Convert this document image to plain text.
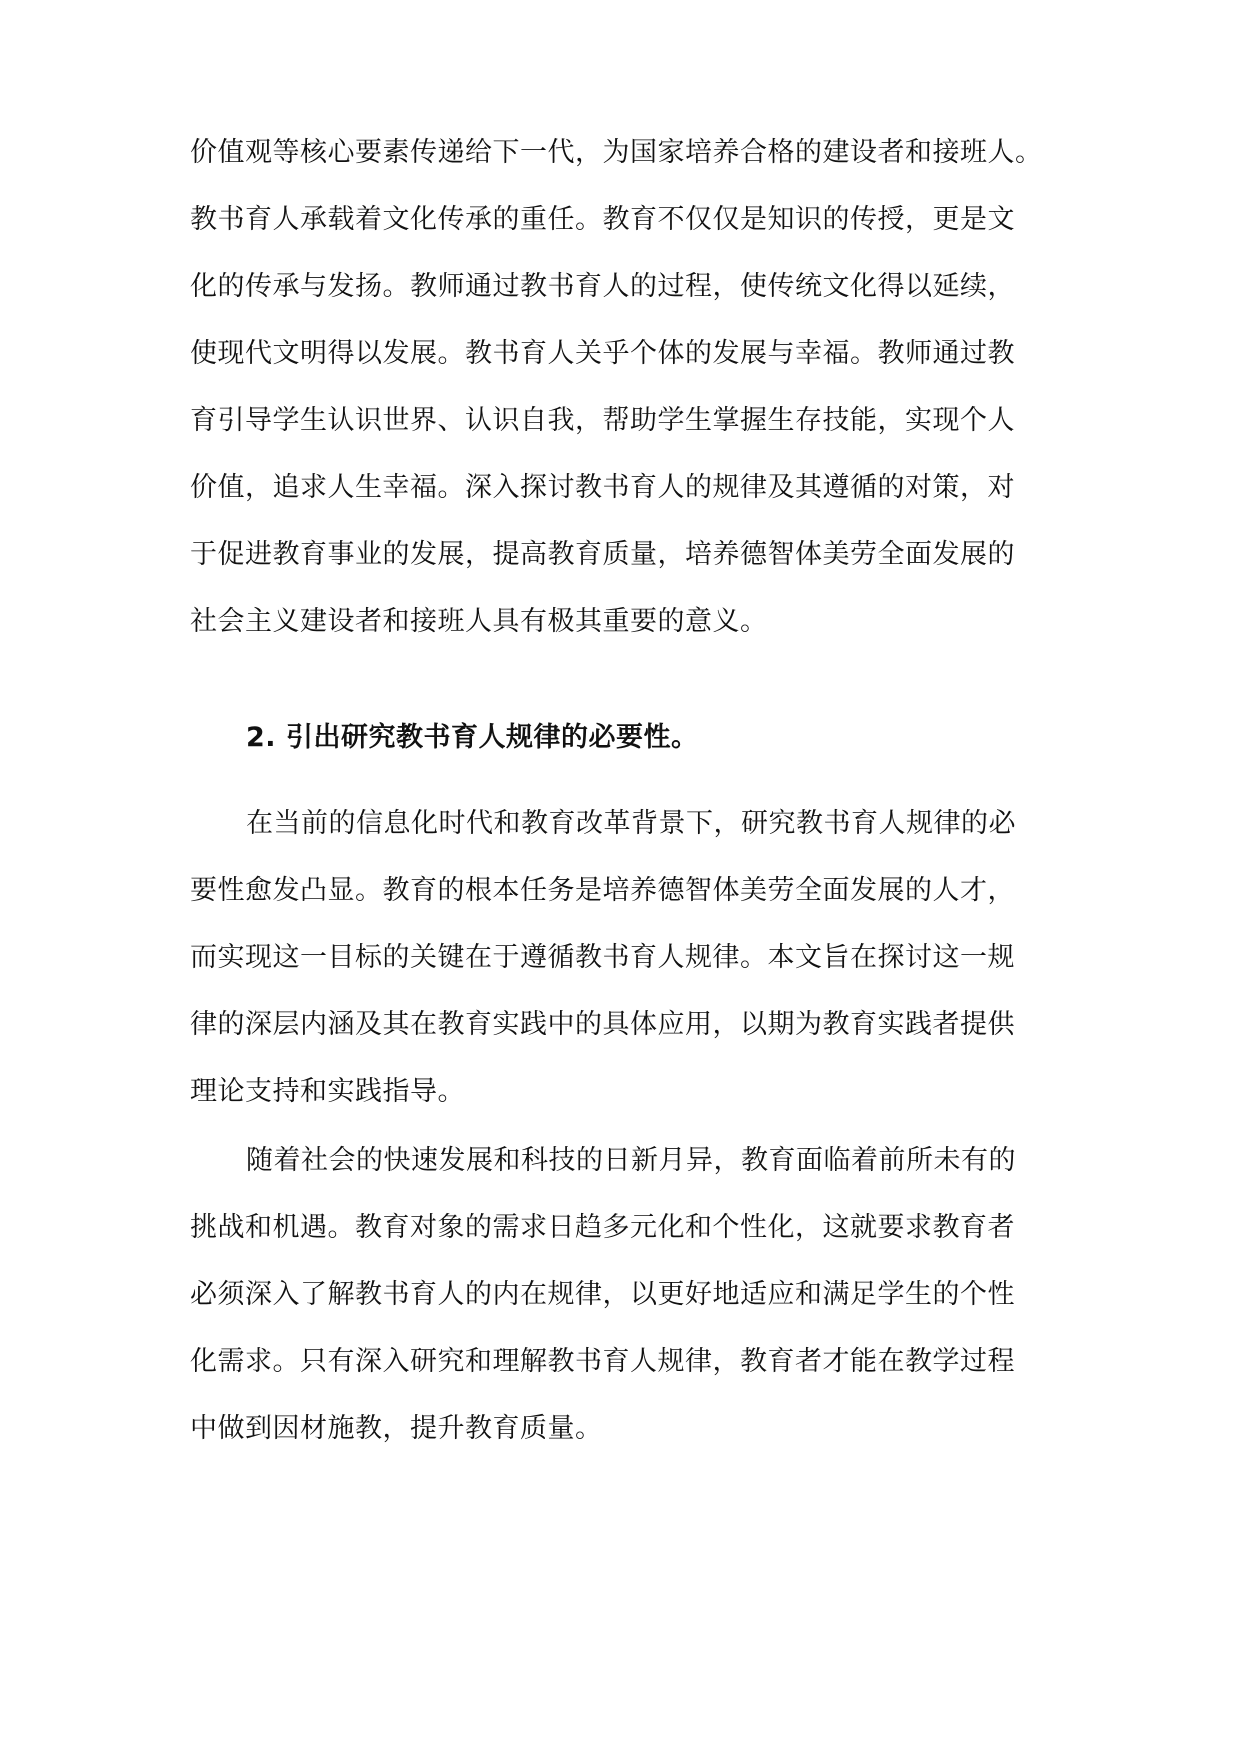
价值观等核心要素传递给下一代，为国家培养合格的建设者和接班人。
教书育人承载着文化传承的重任。教育不仅仅是知识的传授，更是文
化的传承与发扬。教师通过教书育人的过程，使传统文化得以延续，
使现代文明得以发展。教书育人关乎个体的发展与幸福。教师通过教
育引导学生认识世界、认识自我，帮助学生掌握生存技能，实现个人
价值，追求人生幸福。深入探讨教书育人的规律及其遵循的对策，对
于促进教育事业的发展，提高教育质量，培养德智体美劳全面发展的
社会主义建设者和接班人具有极其重要的意义。
2. 引出研究教书育人规律的必要性。
在当前的信息化时代和教育改革背景下，研究教书育人规律的必
要性愈发凸显。教育的根本任务是培养德智体美劳全面发展的人才，
而实现这一目标的关键在于遵循教书育人规律。本文旨在探讨这一规
律的深层内涵及其在教育实践中的具体应用，以期为教育实践者提供
理论支持和实践指导。
随着社会的快速发展和科技的日新月异，教育面临着前所未有的
挑战和机遇。教育对象的需求日趋多元化和个性化，这就要求教育者
必须深入了解教书育人的内在规律，以更好地适应和满足学生的个性
化需求。只有深入研究和理解教书育人规律，教育者才能在教学过程
中做到因材施教，提升教育质量。
